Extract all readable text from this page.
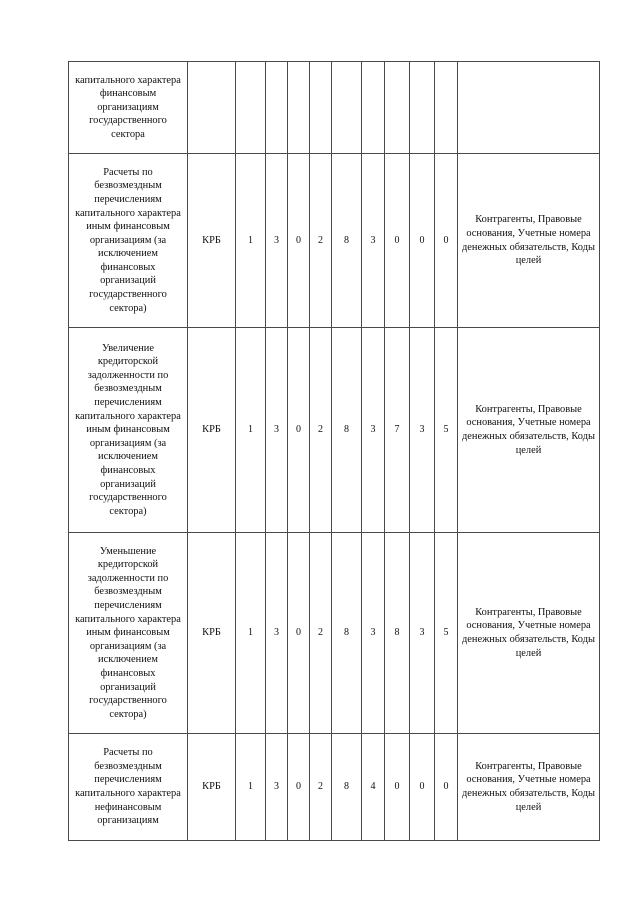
капитального характера финансовым организациям государственного сектора											
Расчеты по безвозмездным перечислениям капитального характера иным финансовым организациям (за исключением финансовых организаций государственного сектора)	КРБ	1	3	0	2	8	3	0	0	0	Контрагенты, Правовые основания, Учетные номера денежных обязательств, Коды целей
Увеличение кредиторской задолженности по безвозмездным перечислениям капитального характера иным финансовым организациям (за исключением финансовых организаций государственного сектора)	КРБ	1	3	0	2	8	3	7	3	5	Контрагенты, Правовые основания, Учетные номера денежных обязательств, Коды целей
Уменьшение кредиторской задолженности по безвозмездным перечислениям капитального характера иным финансовым организациям (за исключением финансовых организаций государственного сектора)	КРБ	1	3	0	2	8	3	8	3	5	Контрагенты, Правовые основания, Учетные номера денежных обязательств, Коды целей
Расчеты по безвозмездным перечислениям капитального характера нефинансовым организациям	КРБ	1	3	0	2	8	4	0	0	0	Контрагенты, Правовые основания, Учетные номера денежных обязательств, Коды целей
